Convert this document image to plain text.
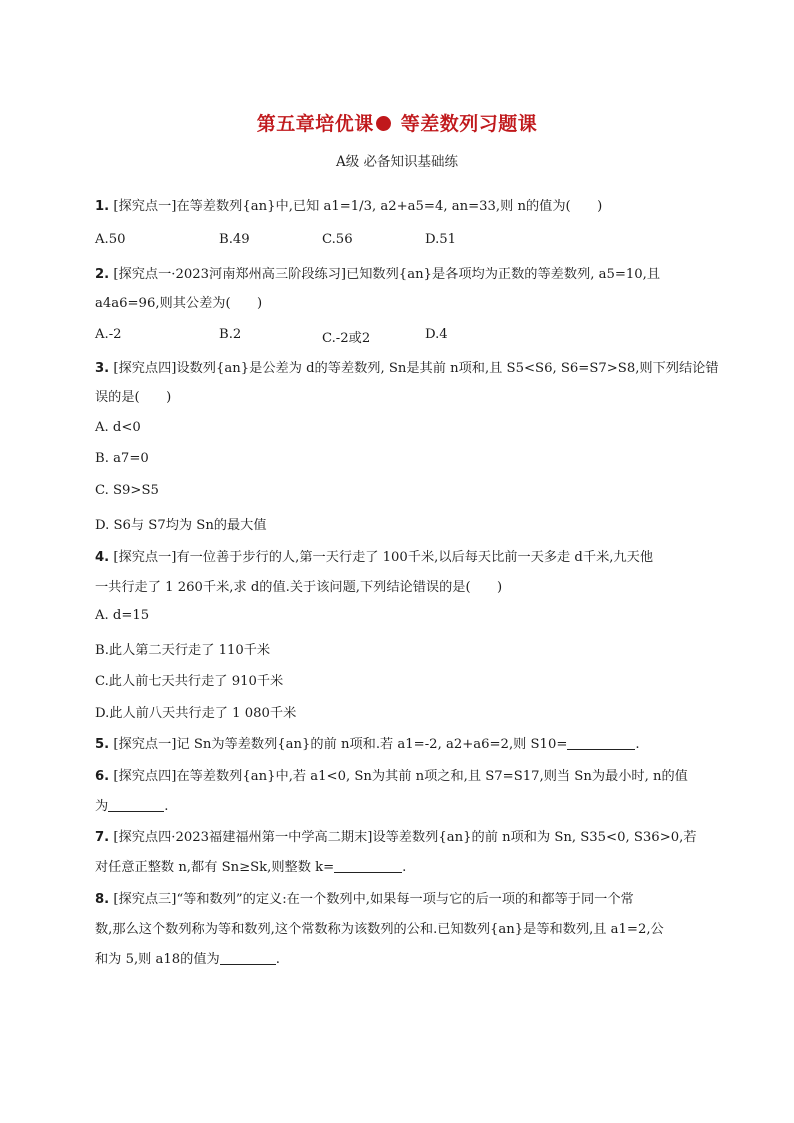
第五章培优课 等差数列习题课
A级 必备知识基础练
1. [探究点一]在等差数列{an}中,已知 a1=1/3, a2+a5=4, an=33,则 n的值为(　　)
A.50	B.49	C.56	D.51
2. [探究点一·2023河南郑州高三阶段练习]已知数列{an}是各项均为正数的等差数列, a5=10,且
a4a6=96,则其公差为(　　)
A.-2	B.2	C.-2或2	D.4
3. [探究点四]设数列{an}是公差为 d的等差数列, Sn是其前 n项和,且 S5<S6, S6=S7>S8,则下列结论错
误的是(　　)
A. d<0
B. a7=0
C. S9>S5
D. S6与 S7均为 Sn的最大值
4. [探究点一]有一位善于步行的人,第一天行走了 100千米,以后每天比前一天多走 d千米,九天他
一共行走了 1 260千米,求 d的值.关于该问题,下列结论错误的是(　　)
A. d=15
B.此人第二天行走了 110千米
C.此人前七天共行走了 910千米
D.此人前八天共行走了 1 080千米
5. [探究点一]记 Sn为等差数列{an}的前 n项和.若 a1=-2, a2+a6=2,则 S10=	.
6. [探究点四]在等差数列{an}中,若 a1<0, Sn为其前 n项之和,且 S7=S17,则当 Sn为最小时, n的值
为	.
7. [探究点四·2023福建福州第一中学高二期末]设等差数列{an}的前 n项和为 Sn, S35<0, S36>0,若
对任意正整数 n,都有 Sn≥Sk,则整数 k=	.
8. [探究点三]“等和数列”的定义:在一个数列中,如果每一项与它的后一项的和都等于同一个常
数,那么这个数列称为等和数列,这个常数称为该数列的公和.已知数列{an}是等和数列,且 a1=2,公
和为 5,则 a18的值为	.
